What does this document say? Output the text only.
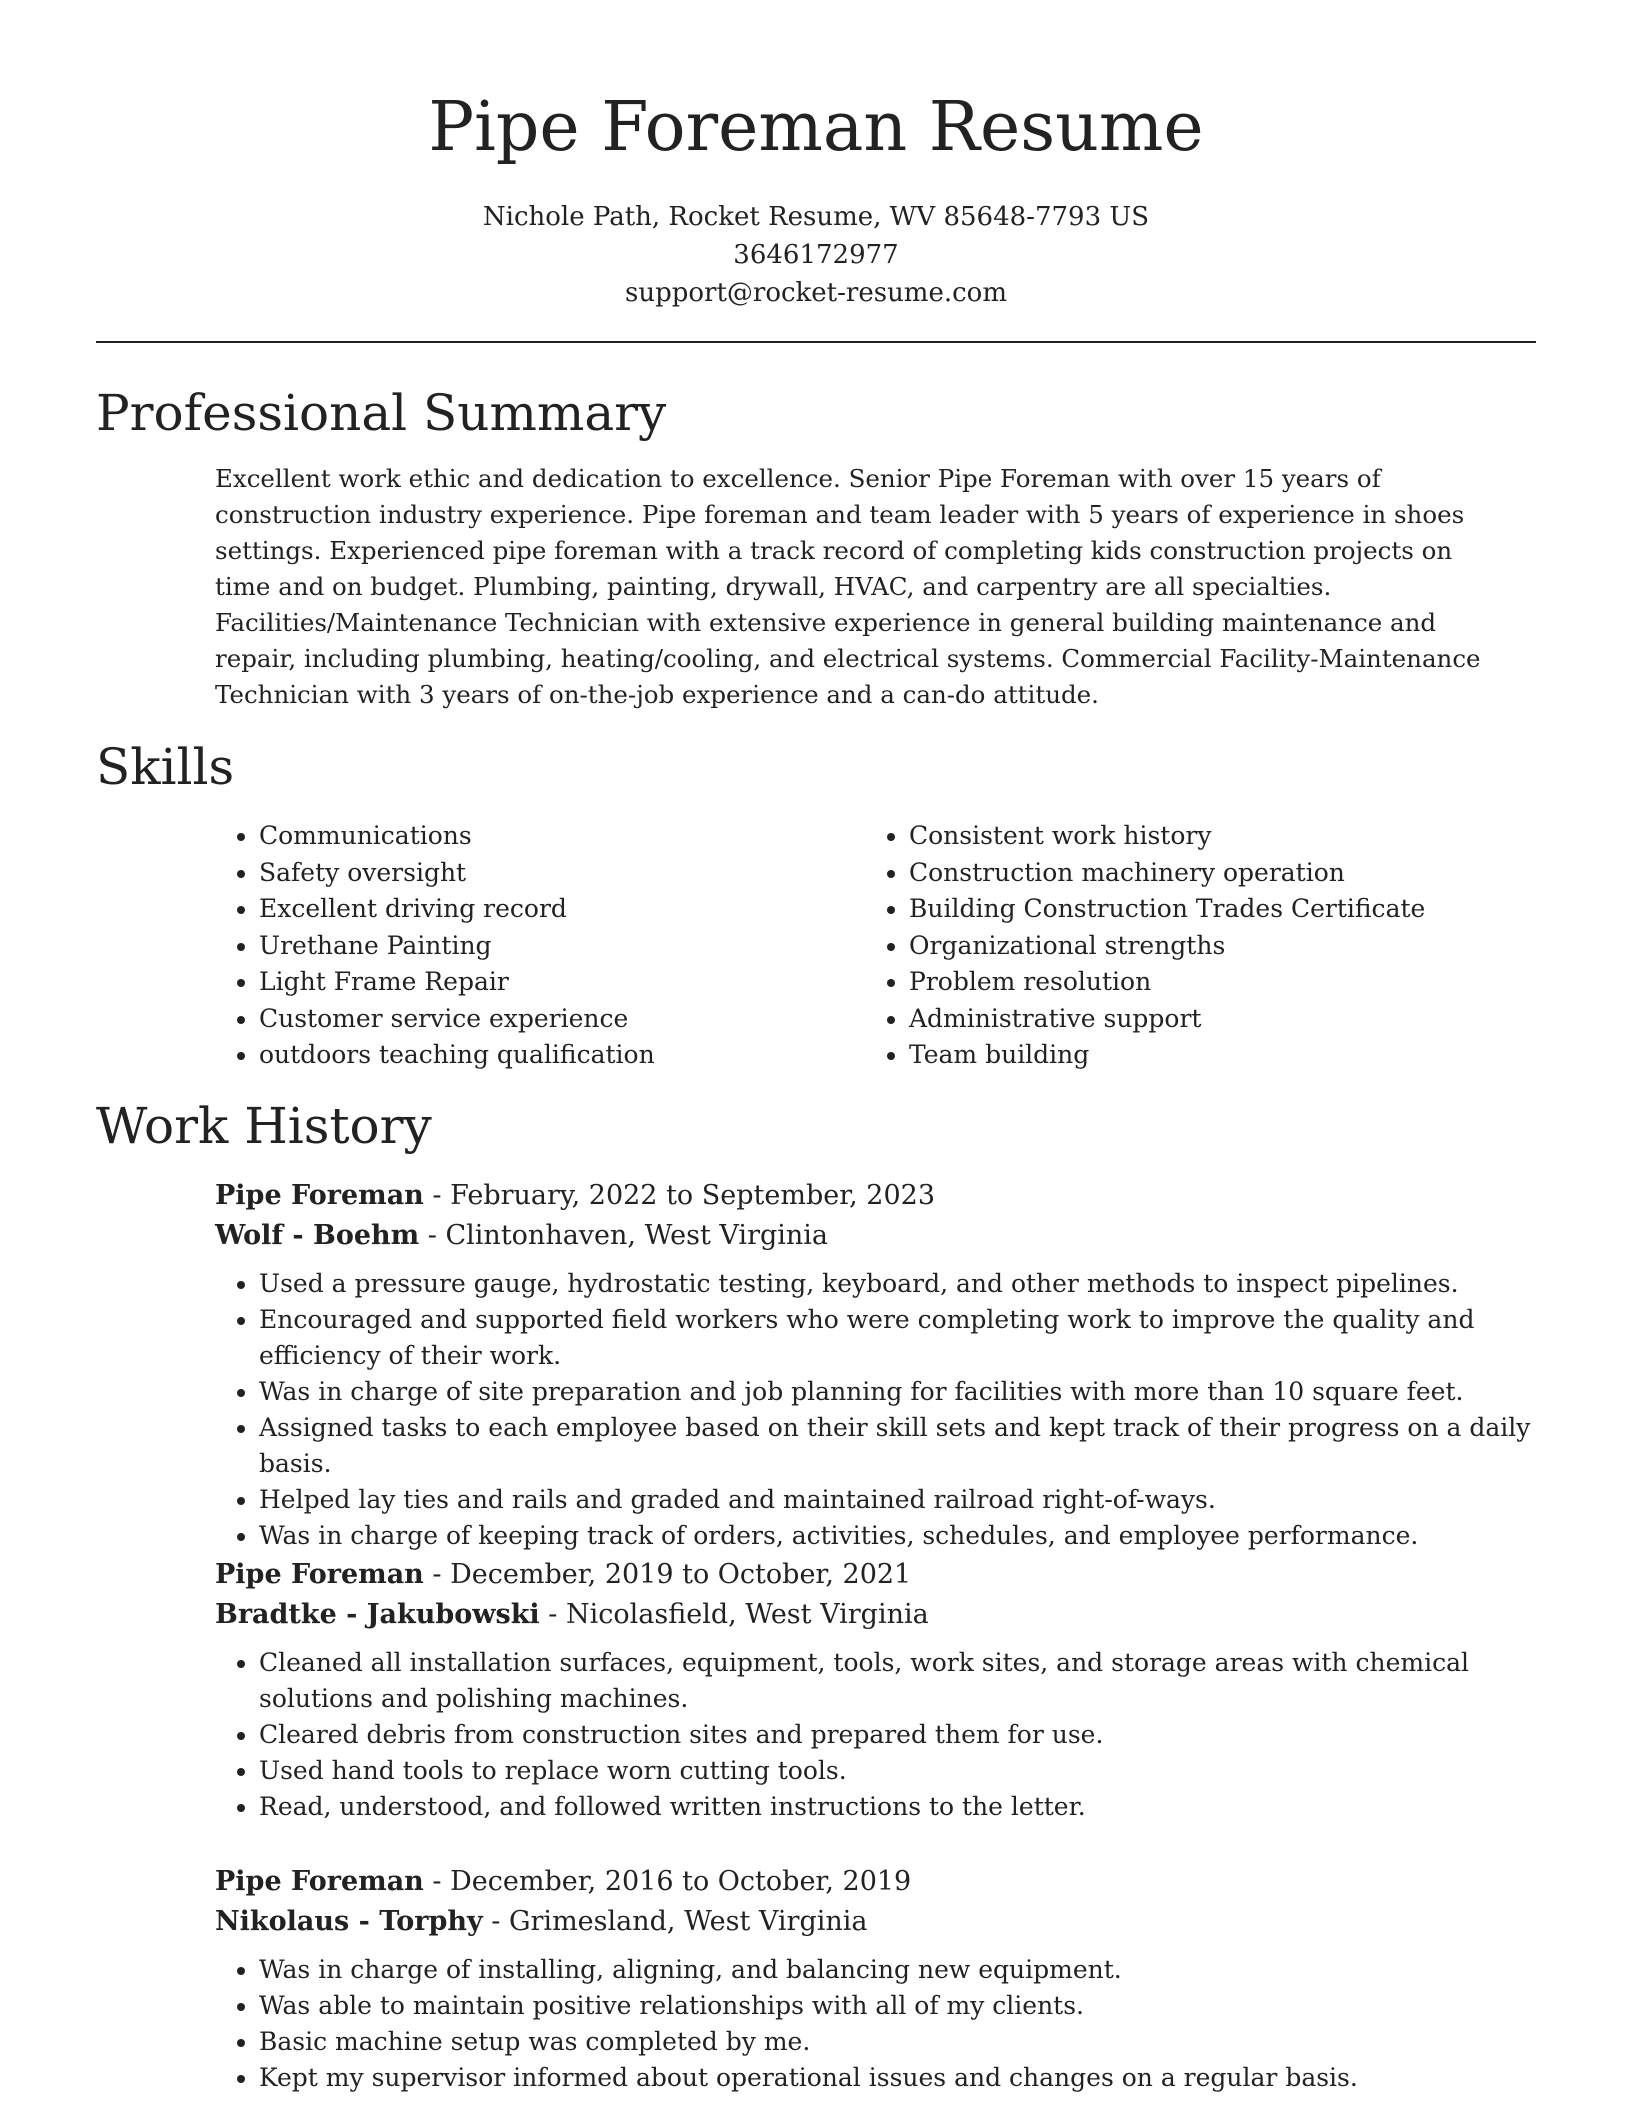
Pipe Foreman Resume
Nichole Path, Rocket Resume, WV 85648-7793 US
3646172977
support@rocket-resume.com
Professional Summary

Excellent work ethic and dedication to excellence. Senior Pipe Foreman with over 15 years of construction industry experience. Pipe foreman and team leader with 5 years of experience in shoes settings. Experienced pipe foreman with a track record of completing kids construction projects on time and on budget. Plumbing, painting, drywall, HVAC, and carpentry are all specialties. Facilities/Maintenance Technician with extensive experience in general building maintenance and repair, including plumbing, heating/cooling, and electrical systems. Commercial Facility-Maintenance Technician with 3 years of on-the-job experience and a can-do attitude.

Skills
• Communications
• Safety oversight
• Excellent driving record
• Urethane Painting
• Light Frame Repair
• Customer service experience
• outdoors teaching qualification
• Consistent work history
• Construction machinery operation
• Building Construction Trades Certificate
• Organizational strengths
• Problem resolution
• Administrative support
• Team building
Work History

Pipe Foreman - February, 2022 to September, 2023

Wolf - Boehm - Clintonhaven, West Virginia

• Used a pressure gauge, hydrostatic testing, keyboard, and other methods to inspect pipelines.
• Encouraged and supported field workers who were completing work to improve the quality and efficiency of their work.
• Was in charge of site preparation and job planning for facilities with more than 10 square feet.
• Assigned tasks to each employee based on their skill sets and kept track of their progress on a daily basis.
• Helped lay ties and rails and graded and maintained railroad right-of-ways.
• Was in charge of keeping track of orders, activities, schedules, and employee performance.

Pipe Foreman - December, 2019 to October, 2021

Bradtke - Jakubowski - Nicolasfield, West Virginia

• Cleaned all installation surfaces, equipment, tools, work sites, and storage areas with chemical solutions and polishing machines.
• Cleared debris from construction sites and prepared them for use.
• Used hand tools to replace worn cutting tools.
• Read, understood, and followed written instructions to the letter.

Pipe Foreman - December, 2016 to October, 2019

Nikolaus - Torphy - Grimesland, West Virginia

• Was in charge of installing, aligning, and balancing new equipment.
• Was able to maintain positive relationships with all of my clients.
• Basic machine setup was completed by me.
• Kept my supervisor informed about operational issues and changes on a regular basis.
